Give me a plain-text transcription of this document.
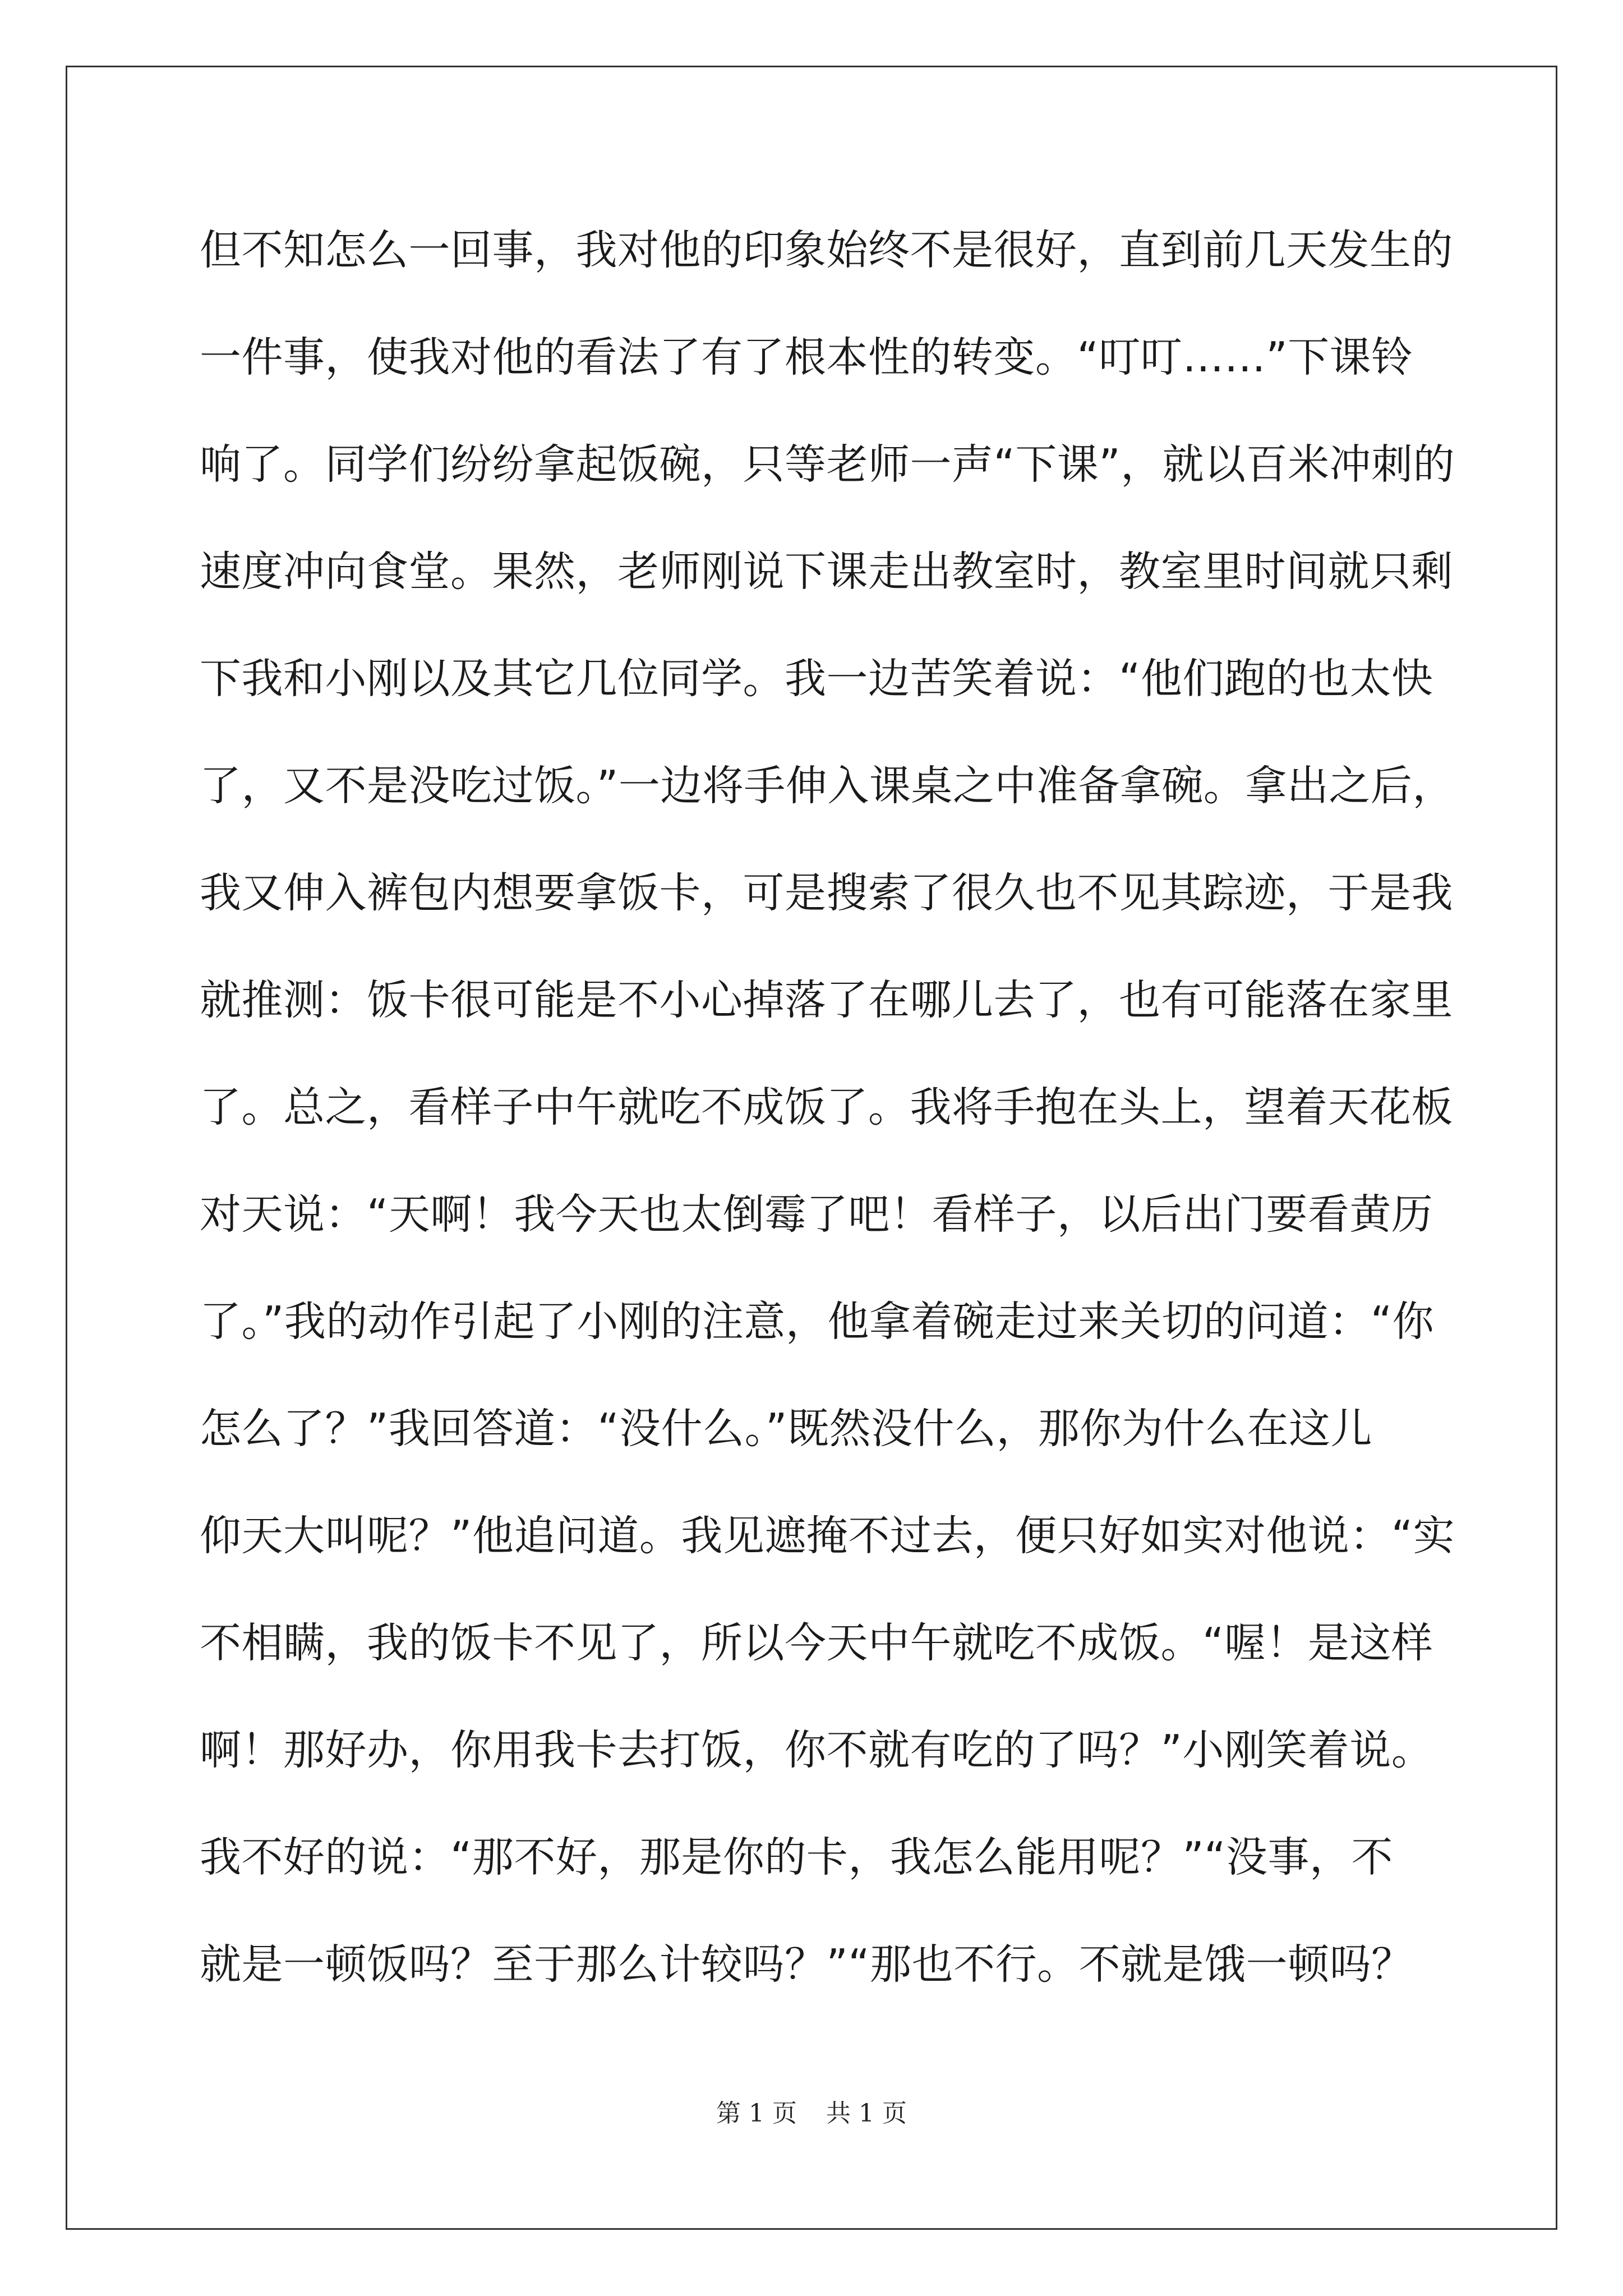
但不知怎么一回事，我对他的印象始终不是很好，直到前几天发生的
一件事，使我对他的看法了有了根本性的转变。“叮叮……”下课铃
响了。同学们纷纷拿起饭碗，只等老师一声“下课”，就以百米冲刺的
速度冲向食堂。果然，老师刚说下课走出教室时，教室里时间就只剩
下我和小刚以及其它几位同学。我一边苦笑着说：“他们跑的也太快
了，又不是没吃过饭。”一边将手伸入课桌之中准备拿碗。拿出之后，
我又伸入裤包内想要拿饭卡，可是搜索了很久也不见其踪迹，于是我
就推测：饭卡很可能是不小心掉落了在哪儿去了，也有可能落在家里
了。总之，看样子中午就吃不成饭了。我将手抱在头上，望着天花板
对天说：“天啊！我今天也太倒霉了吧！看样子，以后出门要看黄历
了。”我的动作引起了小刚的注意，他拿着碗走过来关切的问道：“你
怎么了？”我回答道：“没什么。”既然没什么，那你为什么在这儿
仰天大叫呢？”他追问道。我见遮掩不过去，便只好如实对他说：“实
不相瞒，我的饭卡不见了，所以今天中午就吃不成饭。“喔！是这样
啊！那好办，你用我卡去打饭，你不就有吃的了吗？”小刚笑着说。
我不好的说：“那不好，那是你的卡，我怎么能用呢？”“没事，不
就是一顿饭吗？至于那么计较吗？”“那也不行。不就是饿一顿吗？
第 1 页 共 1 页
